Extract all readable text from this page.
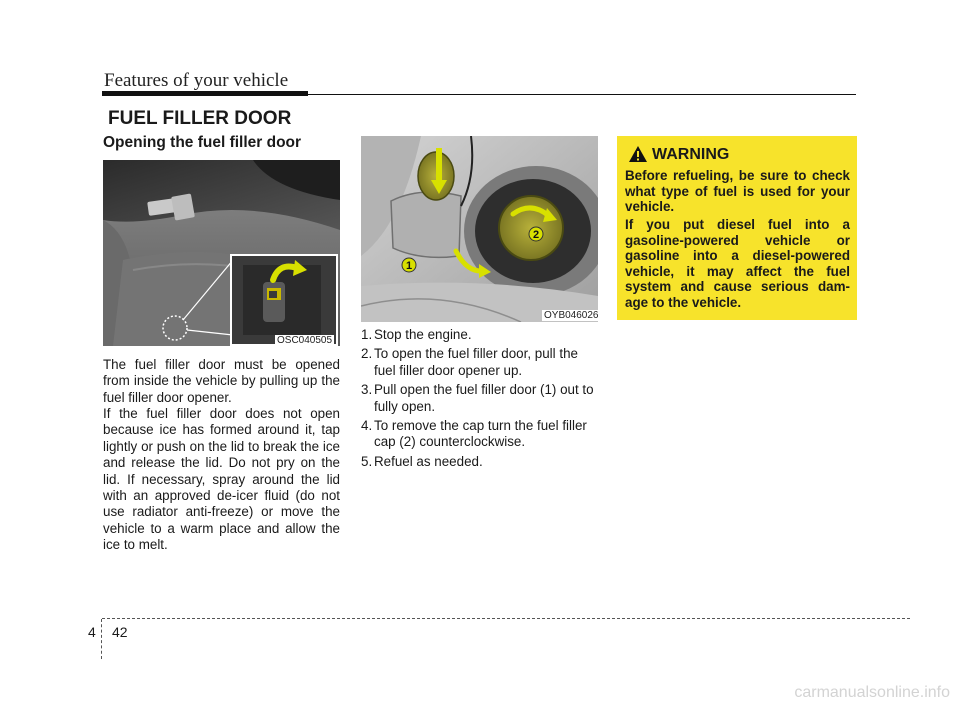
Features of your vehicle
FUEL FILLER DOOR
Opening the fuel filler door
OSC040505
1
2
OYB046026
The fuel filler door must be opened from inside the vehicle by pulling up the fuel filler door opener.
If the fuel filler door does not open because ice has formed around it, tap lightly or push on the lid to break the ice and release the lid. Do not pry on the lid. If necessary, spray around the lid with an approved de-icer fluid (do not use radiator anti-freeze) or move the vehicle to a warm place and allow the ice to melt.
1. Stop the engine.
2. To open the fuel filler door, pull the fuel filler door opener up.
3. Pull open the fuel filler door (1) out to fully open.
4. To remove the cap turn the fuel filler cap (2) counterclockwise.
5. Refuel as needed.
WARNING
Before refueling, be sure to check what type of fuel is used for your vehicle.
If you put diesel fuel into a gasoline-powered vehicle or gasoline into a diesel-powered vehicle, it may affect the fuel system and cause serious dam-age to the vehicle.
4 42
carmanualsonline.info
